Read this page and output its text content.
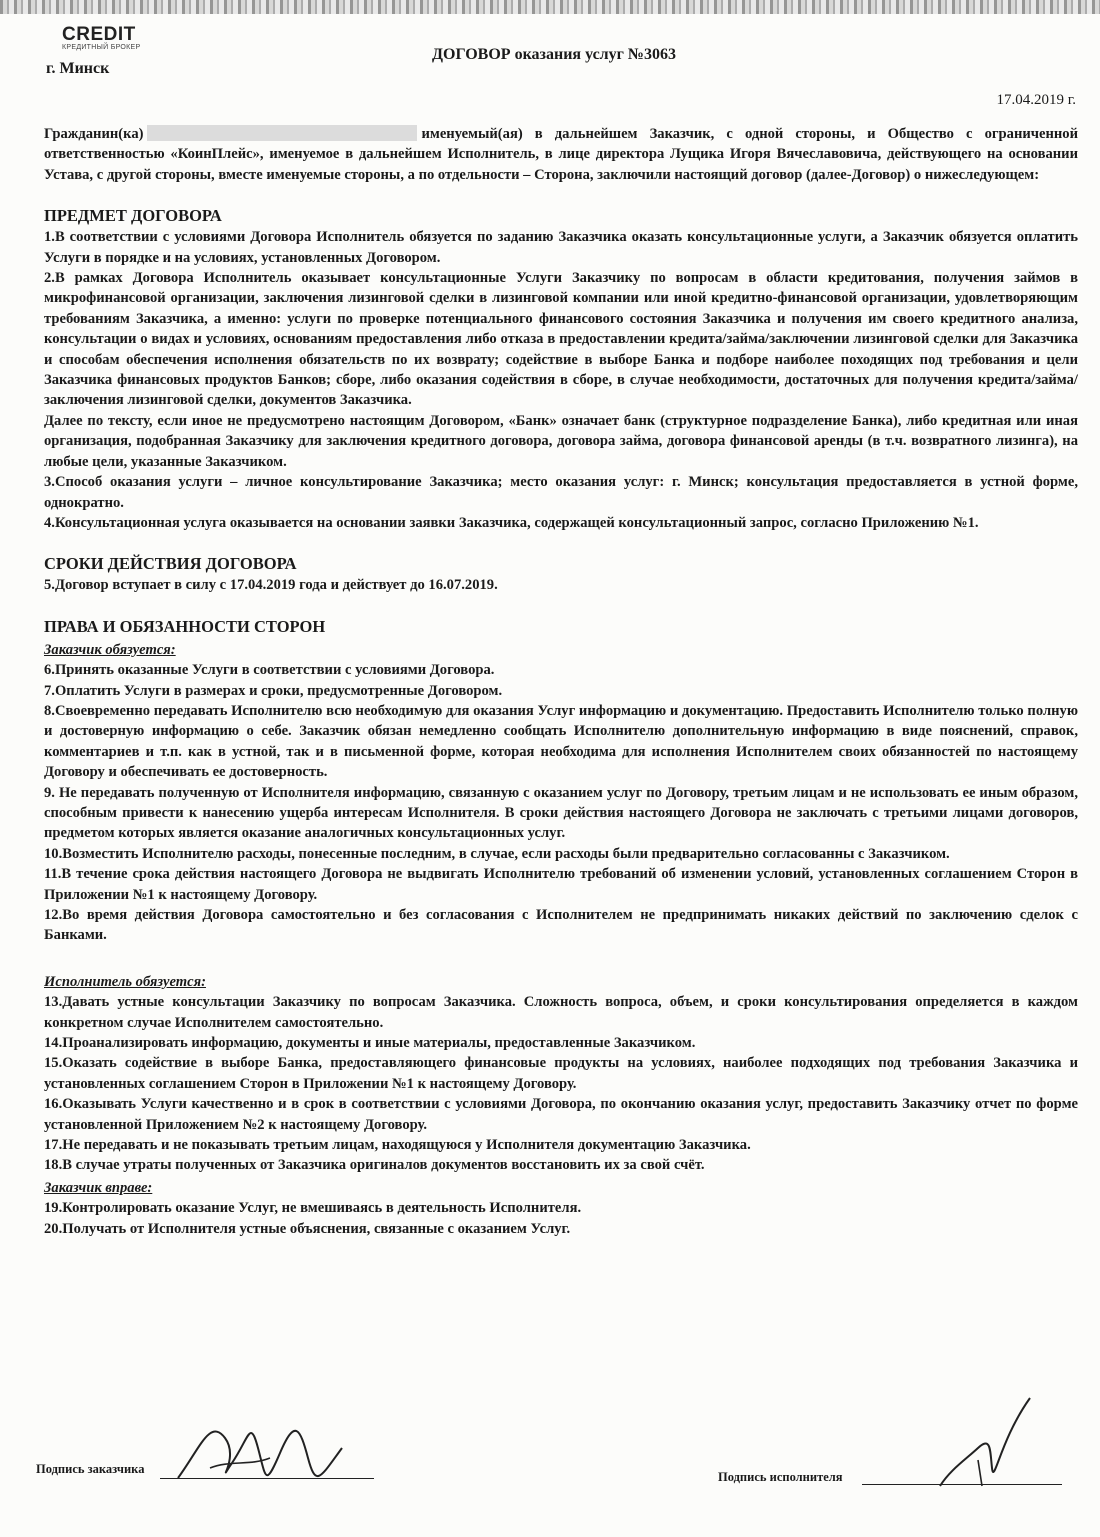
CREDIT
КРЕДИТНЫЙ БРОКЕР
г. Минск
ДОГОВОР оказания услуг №3063
17.04.2019 г.

Гражданин(ка)	именуемый(ая) в дальнейшем Заказчик, с одной стороны, и Общество с ограниченной ответственностью «КоинПлейс», именуемое в дальнейшем Исполнитель, в лице директора Лущика Игоря Вячеславовича, действующего на основании Устава, с другой стороны, вместе именуемые стороны, а по отдельности – Сторона, заключили настоящий договор (далее-Договор) о нижеследующем:

ПРЕДМЕТ ДОГОВОРА

1.В соответствии с условиями Договора Исполнитель обязуется по заданию Заказчика оказать консультационные услуги, а Заказчик обязуется оплатить Услуги в порядке и на условиях, установленных Договором.

2.В рамках Договора Исполнитель оказывает консультационные Услуги Заказчику по вопросам в области кредитования, получения займов в микрофинансовой организации, заключения лизинговой сделки в лизинговой компании или иной кредитно-финансовой организации, удовлетворяющим требованиям Заказчика, а именно: услуги по проверке потенциального финансового состояния Заказчика и получения им своего кредитного анализа, консультации о видах и условиях, основаниям предоставления либо отказа в предоставлении кредита/займа/заключении лизинговой сделки для Заказчика и способам обеспечения исполнения обязательств по их возврату; содействие в выборе Банка и подборе наиболее походящих под требования и цели Заказчика финансовых продуктов Банков; сборе, либо оказания содействия в сборе, в случае необходимости, достаточных для получения кредита/займа/заключения лизинговой сделки, документов Заказчика.

Далее по тексту, если иное не предусмотрено настоящим Договором, «Банк» означает банк (структурное подразделение Банка), либо кредитная или иная организация, подобранная Заказчику для заключения кредитного договора, договора займа, договора финансовой аренды (в т.ч. возвратного лизинга), на любые цели, указанные Заказчиком.

3.Способ оказания услуги – личное консультирование Заказчика; место оказания услуг: г. Минск; консультация предоставляется в устной форме, однократно.

4.Консультационная услуга оказывается на основании заявки Заказчика, содержащей консультационный запрос, согласно Приложению №1.

СРОКИ ДЕЙСТВИЯ ДОГОВОРА

5.Договор вступает в силу с 17.04.2019 года и действует до 16.07.2019.

ПРАВА И ОБЯЗАННОСТИ СТОРОН
Заказчик обязуется:

6.Принять оказанные Услуги в соответствии с условиями Договора.

7.Оплатить Услуги в размерах и сроки, предусмотренные Договором.

8.Своевременно передавать Исполнителю всю необходимую для оказания Услуг информацию и документацию. Предоставить Исполнителю только полную и достоверную информацию о себе. Заказчик обязан немедленно сообщать Исполнителю дополнительную информацию в виде пояснений, справок, комментариев и т.п. как в устной, так и в письменной форме, которая необходима для исполнения Исполнителем своих обязанностей по настоящему Договору и обеспечивать ее достоверность.

9. Не передавать полученную от Исполнителя информацию, связанную с оказанием услуг по Договору, третьим лицам и не использовать ее иным образом, способным привести к нанесению ущерба интересам Исполнителя. В сроки действия настоящего Договора не заключать с третьими лицами договоров, предметом которых является оказание аналогичных консультационных услуг.

10.Возместить Исполнителю расходы, понесенные последним, в случае, если расходы были предварительно согласованны с Заказчиком.

11.В течение срока действия настоящего Договора не выдвигать Исполнителю требований об изменении условий, установленных соглашением Сторон в Приложении №1 к настоящему Договору.

12.Во время действия Договора самостоятельно и без согласования с Исполнителем не предпринимать никаких действий по заключению сделок с Банками.

Исполнитель обязуется:

13.Давать устные консультации Заказчику по вопросам Заказчика. Сложность вопроса, объем, и сроки консультирования определяется в каждом конкретном случае Исполнителем самостоятельно.

14.Проанализировать информацию, документы и иные материалы, предоставленные Заказчиком.

15.Оказать содействие в выборе Банка, предоставляющего финансовые продукты на условиях, наиболее подходящих под требования Заказчика и установленных соглашением Сторон в Приложении №1 к настоящему Договору.

16.Оказывать Услуги качественно и в срок в соответствии с условиями Договора, по окончанию оказания услуг, предоставить Заказчику отчет по форме установленной Приложением №2 к настоящему Договору.

17.Не передавать и не показывать третьим лицам, находящуюся у Исполнителя документацию Заказчика.

18.В случае утраты полученных от Заказчика оригиналов документов восстановить их за свой счёт.

Заказчик вправе:

19.Контролировать оказание Услуг, не вмешиваясь в деятельность Исполнителя.

20.Получать от Исполнителя устные объяснения, связанные с оказанием Услуг.

Подпись заказчика
Подпись исполнителя
